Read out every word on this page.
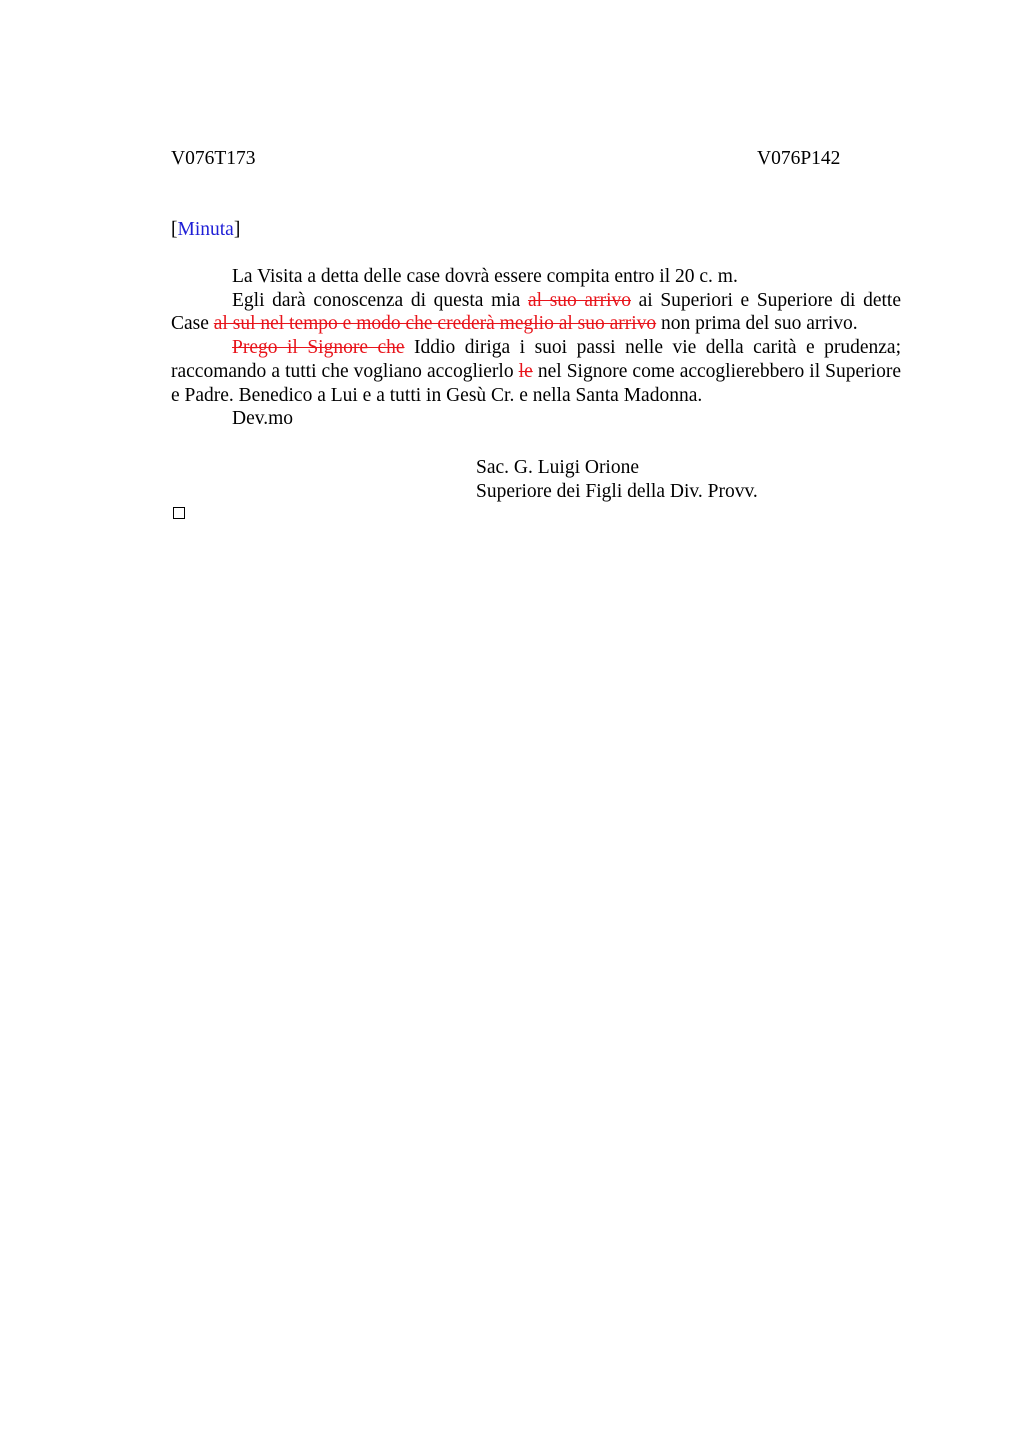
V076T173	V076P142
[Minuta]

La Visita a detta delle case dovrà essere compita entro il 20 c. m.

Egli darà conoscenza di questa mia al suo arrivo ai Superiori e Superiore di dette Case al sul nel tempo e modo che crederà meglio al suo arrivo non prima del suo arrivo.

Prego il Signore che Iddio diriga i suoi passi nelle vie della carità e prudenza; raccomando a tutti che vogliano accoglierlo le nel Signore come accoglierebbero il Superiore e Padre. Benedico a Lui e a tutti in Gesù Cr. e nella Santa Madonna.

Dev.mo

Sac. G. Luigi Orione
Superiore dei Figli della Div. Provv.
